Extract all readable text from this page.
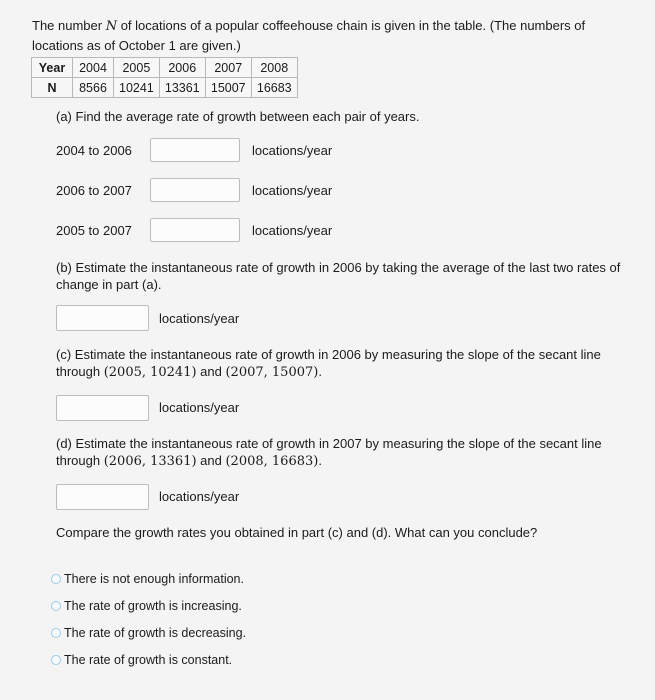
The number N of locations of a popular coffeehouse chain is given in the table. (The numbers of locations as of October 1 are given.)
Year	2004	2005	2006	2007	2008
N	8566	10241	13361	15007	16683
(a) Find the average rate of growth between each pair of years.
2004 to 2006	locations/year
2006 to 2007	locations/year
2005 to 2007	locations/year
(b) Estimate the instantaneous rate of growth in 2006 by taking the average of the last two rates of change in part (a).
locations/year
(c) Estimate the instantaneous rate of growth in 2006 by measuring the slope of the secant line through (2005, 10241) and (2007, 15007).
locations/year
(d) Estimate the instantaneous rate of growth in 2007 by measuring the slope of the secant line through (2006, 13361) and (2008, 16683).
locations/year
Compare the growth rates you obtained in part (c) and (d). What can you conclude?
There is not enough information.
The rate of growth is increasing.
The rate of growth is decreasing.
The rate of growth is constant.
